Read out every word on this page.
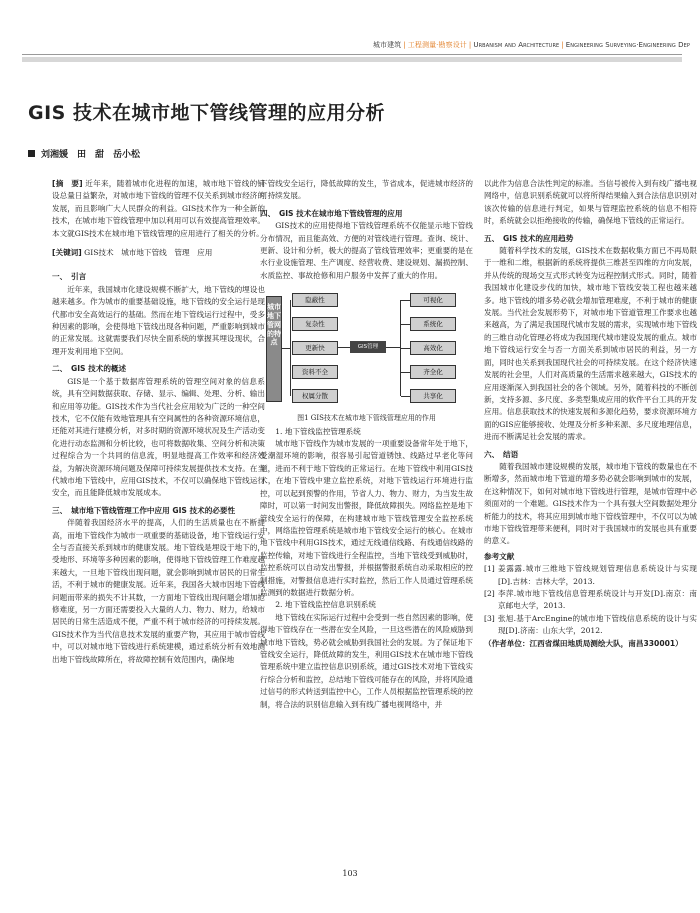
城市建筑 | 工程测量·勘察设计 | Urbanism and Architecture | Engineering Surveying·Engineering Dep
GIS 技术在城市地下管线管理的应用分析
刘湘媛　田　甜　岳小松

[摘　要] 近年来，随着城市化进程的加速，城市地下管线的铺设总量日益繁杂，对城市地下管线的管理不仅关系到城市经济的发展，而且影响广大人民群众的利益。GIS技术作为一种全新的技术，在城市地下管线管理中加以利用可以有效提高管理效率。本文就GIS技术在城市地下管线管理的应用进行了相关的分析。

[关键词] GIS技术　城市地下管线　管理　应用

一、　引言

近年来，我国城市化建设规模不断扩大，地下管线的埋设也越来越多。作为城市的重要基础设施，地下管线的安全运行是现代都市安全高效运行的基础。然而在地下管线运行过程中，受多种因素的影响，会使得地下管线出现各种问题，严重影响到城市的正常发展。这就需要我们尽快全面系统的掌握其埋设现状，合理开发利用地下空间。

二、　GIS 技术的概述

GIS是一个基于数据库管理系统的管理空间对象的信息系统，具有空间数据获取、存储、显示、编辑、处理、分析、输出和应用等功能。GIS技术作为当代社会应用较为广泛的一种空间技术，它不仅能有效地管理具有空间属性的各种资源环境信息，还能对其进行建模分析，对多时期的资源环境状况及生产活动变化进行动态监测和分析比较，也可将数据收集、空间分析和决策过程综合为一个共同的信息流，明显地提高工作效率和经济效益，为解决资源环境问题及保障可持续发展提供技术支持。在当代城市地下管线中，应用GIS技术，不仅可以确保地下管线运行安全，而且能降低城市发展成本。

三、　城市地下管线管理工作中应用 GIS 技术的必要性

伴随着我国经济水平的提高，人们的生活质量也在不断提高，而地下管线作为城市一项重要的基础设备，地下管线运行安全与否直接关系到城市的健康发展。地下管线是埋设于地下的，受地形、环境等多种因素的影响，使得地下管线管理工作难度越来越大，一旦地下管线出现问题，就会影响到城市居民的日常生活，不利于城市的健康发展。近年来，我国各大城市因地下管线问题而带来的损失不计其数，一方面地下管线出现问题会增加抢修难度，另一方面还需要投入大量的人力、物力、财力，给城市居民的日常生活造成不便，严重不利于城市经济的可持续发展。GIS技术作为当代信息技术发展的重要产物，其应用于城市管线中，可以对城市地下管线进行系统建模，通过系统分析有效地测出地下管线故障所在，将故障控制有效范围内，确保地

下管线安全运行，降低故障的发生，节省成本，促进城市经济的可持续发展。

四、　GIS 技术在城市地下管线管理的应用

GIS技术的应用使得地下管线管理系统不仅能显示地下管线分布情况，而且能高效、方便的对管线进行管理。查询、统计、更新、设计和分析，极大的提高了管线管理效率；更重要的是在水行业设施管理、生产调度、经营收费、建设规划、漏损控制、水质监控、事故抢修和用户服务中发挥了重大的作用。

城市地下管网的特点
隐蔽性
复杂性
更新快
资料不全
权属分散
GIS管理
可视化
系统化
高效化
齐全化
共享化

图1 GIS技术在城市地下管线管理应用的作用

1. 地下管线监控管理系统

城市地下管线作为城市发展的一项重要设备常年处于地下，受潮湿环境的影响，很容易引起管道锈蚀、线路过早老化等问题，进而不利于地下管线的正常运行。在地下管线中利用GIS技术，在地下管线中建立监控系统，对地下管线运行环境进行监控，可以起到预警的作用，节省人力、物力、财力，为当发生故障时，可以第一时间发出警报，降低故障损失。网络监控是地下管线安全运行的保障，在构建城市地下管线管理安全监控系统中，网络监控管理系统是城市地下管线安全运行的核心。在城市地下管线中利用GIS技术，通过无线通信线路、有线通信线路的监控传输，对地下管线进行全程监控，当地下管线受到威胁时，监控系统可以自动发出警报，并根据警报系统自动采取相应的控制措施，对警报信息进行实时监控，然后工作人员通过管理系统监测到的数据进行数据分析。

2. 地下管线监控信息识别系统

地下管线在实际运行过程中会受到一些自然因素的影响，使得地下管线存在一些潜在安全风险，一旦这些潜在的风险威胁到城市地下管线，势必就会威胁到我国社会的发展。为了保证地下管线安全运行，降低故障的发生，利用GIS技术在城市地下管线管理系统中建立监控信息识别系统，通过GIS技术对地下管线实行综合分析和监控，总结地下管线可能存在的风险，并将风险通过信号的形式转送到监控中心，工作人员根据监控管理系统的控制，将合法的识别信息输入到有线广播电视网络中，并

以此作为信息合法性判定的标准。当信号被传入到有线广播电视网络中，信息识别系统就可以将所得结果输入到合法信息识别对该次传输的信息进行判定，如果与管理监控系统的信息不相符时，系统就会以拒绝接收的传输，确保地下管线的正常运行。

五、　GIS 技术的应用趋势

随着科学技术的发展，GIS技术在数据收集方面已不再局限于一维和二维，根据新的系统将提供三维甚至四维的方向发展，并从传统的现场交互式形式转变为远程控制式形式。同时，随着我国城市化建设步伐的加快，城市地下管线安装工程也越来越多。地下管线的增多势必就会增加管理难度，不利于城市的健康发展。当代社会发展形势下，对城市地下管道管理工作要求也越来越高，为了满足我国现代城市发展的需求，实现城市地下管线的三维自动化管理必将成为我国现代城市建设发展的重点。城市地下管线运行安全与否一方面关系到城市居民的利益，另一方面，同时也关系到我国现代社会的可持续发展。在这个经济快速发展的社会里，人们对高质量的生活需求越来越大，GIS技术的应用逐渐深入到我国社会的各个领域。另外，随着科技的不断创新，支持多源、多尺度、多类型集成应用的软件平台工具的开发应用。信息获取技术的快速发展和多源化趋势，要求资源环境方面的GIS应能够接收、处理及分析多种来源、多尺度地理信息，进而不断满足社会发展的需求。

六、　结语

随着我国城市建设规模的发展，城市地下管线的数量也在不断增多，然而城市地下管道的增多势必就会影响到城市的发展，在这种情况下，如何对城市地下管线进行管理，是城市管理中必须面对的一个难题。GIS技术作为一个具有强大空间数据处理分析能力的技术，将其应用到城市地下管线管理中，不仅可以为城市地下管线管理带来便利，同时对于我国城市的发展也具有重要的意义。

参考文献

[1] 姜露露.城市三维地下管线规划管理信息系统设计与实现[D].吉林：吉林大学，2013.

[2] 李萍.城市地下管线信息管理系统设计与开发[D].南京：南京邮电大学，2013.

[3] 张旭.基于ArcEngine的城市地下管线信息系统的设计与实现[D].济南：山东大学，2012.

（作者单位：江西省煤田地质局测绘大队，南昌330001）

103
